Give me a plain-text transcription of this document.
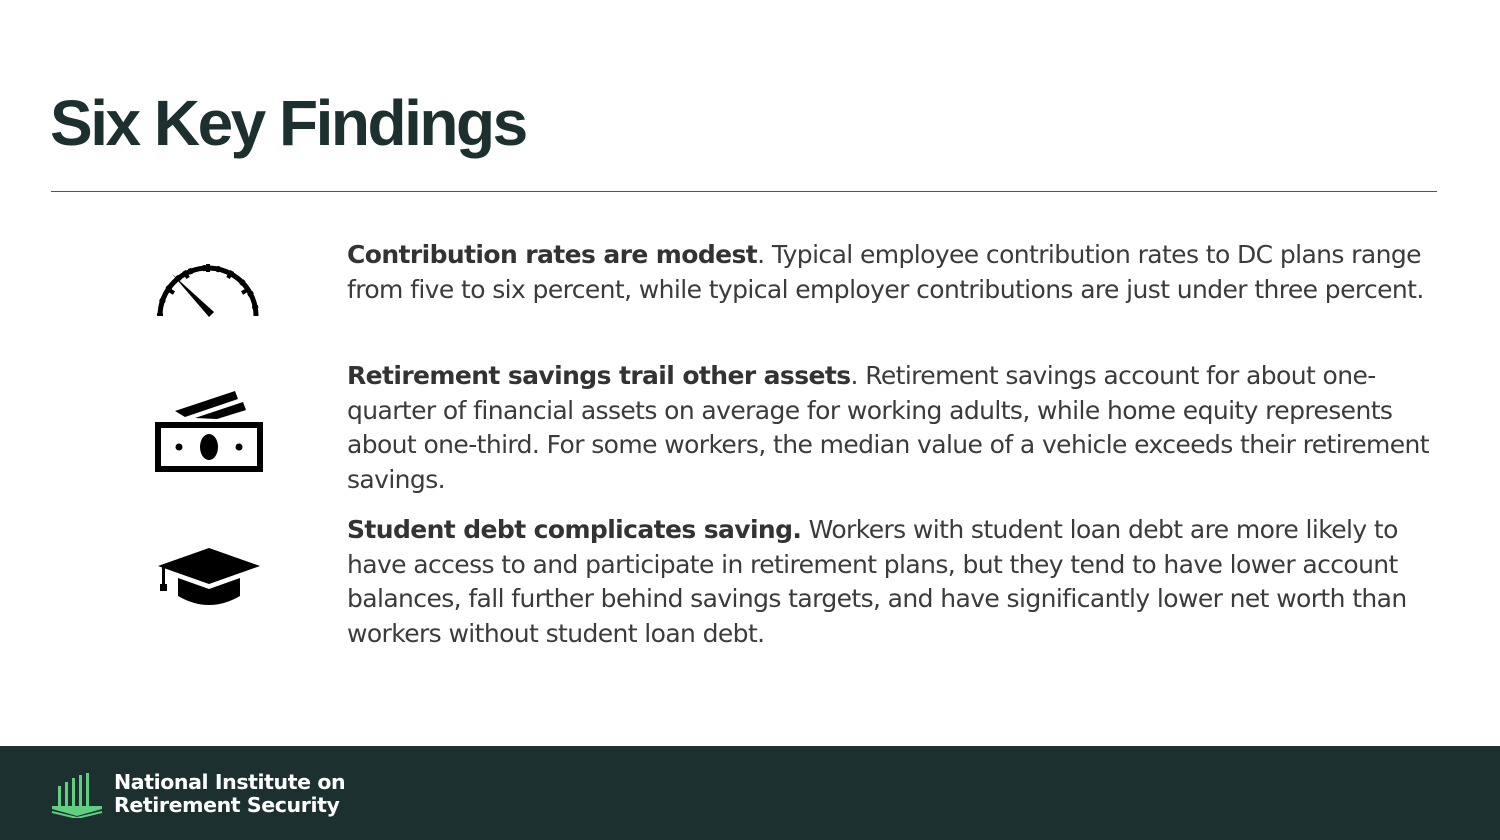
Six Key Findings

Contribution rates are modest. Typical employee contribution rates to DC plans range from five to six percent, while typical employer contributions are just under three percent.

Retirement savings trail other assets. Retirement savings account for about one-quarter of financial assets on average for working adults, while home equity represents about one-third. For some workers, the median value of a vehicle exceeds their retirement savings.

Student debt complicates saving. Workers with student loan debt are more likely to have access to and participate in retirement plans, but they tend to have lower account balances, fall further behind savings targets, and have significantly lower net worth than workers without student loan debt.

National Institute on
Retirement Security
